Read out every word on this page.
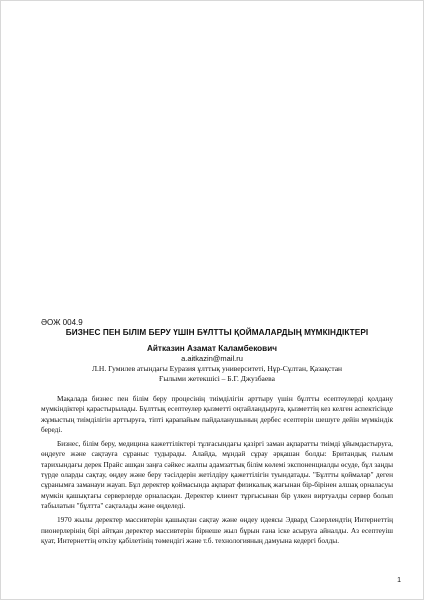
ӘОЖ 004.9
БИЗНЕС ПЕН БІЛІМ БЕРУ ҮШІН БҰЛТТЫ ҚОЙМАЛАРДЫҢ МҮМКІНДІКТЕРІ
Айтказин Азамат Каламбекович
a.aitkazin@mail.ru
Л.Н. Гумилев атындағы Еуразия ұлттық университеті, Нұр-Сұлтан, Қазақстан
Ғылыми жетекшісі – Б.Г. Джузбаева

Мақалада бизнес пен білім беру процесінің тиімділігін арттыру үшін бұлтты есептеулерді қолдану мүмкіндіктері қарастырылады. Бұлттық есептеулер қызметті оңтайландыруға, қызметтің кез келген аспектісінде жұмыстың тиімділігін арттыруға, тіпті қарапайым пайдаланушының дербес есептерін шешуге дейін мүмкіндік береді.

Бизнес, білім беру, медицина кажеттіліктері тұлғасындағы қазіргі заман ақпаратты тиімді ұйымдастыруға, өңдеуге және сақтауға сұраныс тудырады. Алайда, мұндай сұрау әрқашан болды: Британдық ғылым тарихындағы дерек Прайс ашқан заңға сәйкес жалпы адамзаттық білім көлемі экспоненциалды өсуде, бұл заңды түрде оларды сақтау, өңдеу және беру тәсілдерін жетілдіру қажеттілігін туындатады. "Бұлтты қоймалар" деген сұранымға заманауи жауап. Бұл деректер қоймасында ақпарат физикалық жағынан бір-бірінен алшақ орналасуы мүмкін қашықтағы серверлерде орналасқан. Деректер клиент тұрғысынан бір үлкен виртуалды сервер болып табылатын "бұлтта" сақталады және өңделеді.

1970 жылы деректер массивтерін қашықтан сақтау және өңдеу идеясы Эдвард Сазерлендтің Интернеттің пионерлерінің бірі айтқан деректер массивтерін бірнеше жыл бұрын ғана іске асыруға айналды. Аз есептеуіш қуат, Интернеттің өткізу қабілетінің төмендігі және т.б. технологияның дамуына кедергі болды.

1
